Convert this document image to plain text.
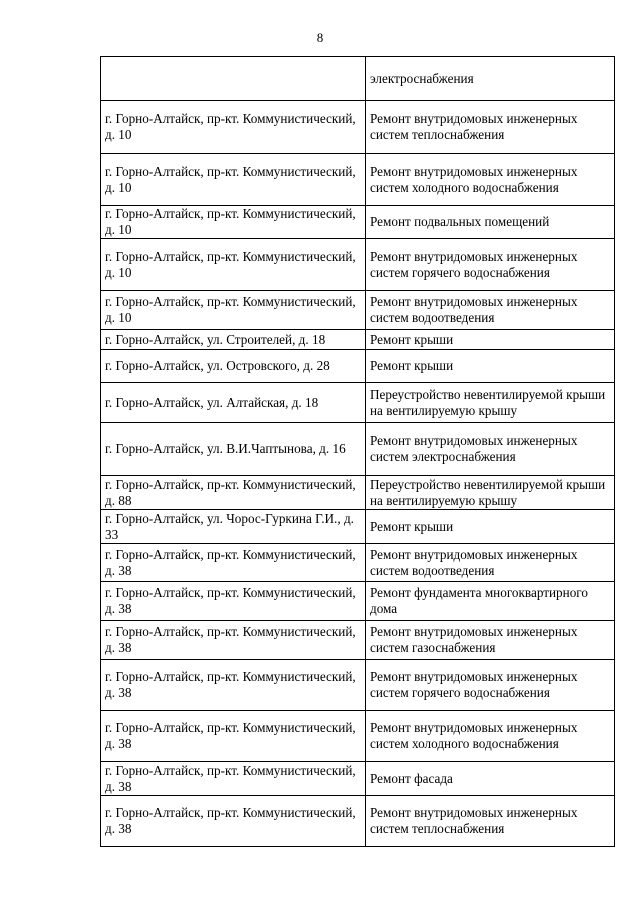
8
	электроснабжения
г. Горно-Алтайск, пр-кт. Коммунистический, д. 10	Ремонт внутридомовых инженерных систем теплоснабжения
г. Горно-Алтайск, пр-кт. Коммунистический, д. 10	Ремонт внутридомовых инженерных систем холодного водоснабжения
г. Горно-Алтайск, пр-кт. Коммунистический, д. 10	Ремонт подвальных помещений
г. Горно-Алтайск, пр-кт. Коммунистический, д. 10	Ремонт внутридомовых инженерных систем горячего водоснабжения
г. Горно-Алтайск, пр-кт. Коммунистический, д. 10	Ремонт внутридомовых инженерных систем водоотведения
г. Горно-Алтайск, ул. Строителей, д. 18	Ремонт крыши
г. Горно-Алтайск, ул. Островского, д. 28	Ремонт крыши
г. Горно-Алтайск, ул. Алтайская, д. 18	Переустройство невентилируемой крыши на вентилируемую крышу
г. Горно-Алтайск, ул. В.И.Чаптынова, д. 16	Ремонт внутридомовых инженерных систем электроснабжения
г. Горно-Алтайск, пр-кт. Коммунистический, д. 88	Переустройство невентилируемой крыши на вентилируемую крышу
г. Горно-Алтайск, ул. Чорос-Гуркина Г.И., д. 33	Ремонт крыши
г. Горно-Алтайск, пр-кт. Коммунистический, д. 38	Ремонт внутридомовых инженерных систем водоотведения
г. Горно-Алтайск, пр-кт. Коммунистический, д. 38	Ремонт фундамента многоквартирного дома
г. Горно-Алтайск, пр-кт. Коммунистический, д. 38	Ремонт внутридомовых инженерных систем газоснабжения
г. Горно-Алтайск, пр-кт. Коммунистический, д. 38	Ремонт внутридомовых инженерных систем горячего водоснабжения
г. Горно-Алтайск, пр-кт. Коммунистический, д. 38	Ремонт внутридомовых инженерных систем холодного водоснабжения
г. Горно-Алтайск, пр-кт. Коммунистический, д. 38	Ремонт фасада
г. Горно-Алтайск, пр-кт. Коммунистический, д. 38	Ремонт внутридомовых инженерных систем теплоснабжения
